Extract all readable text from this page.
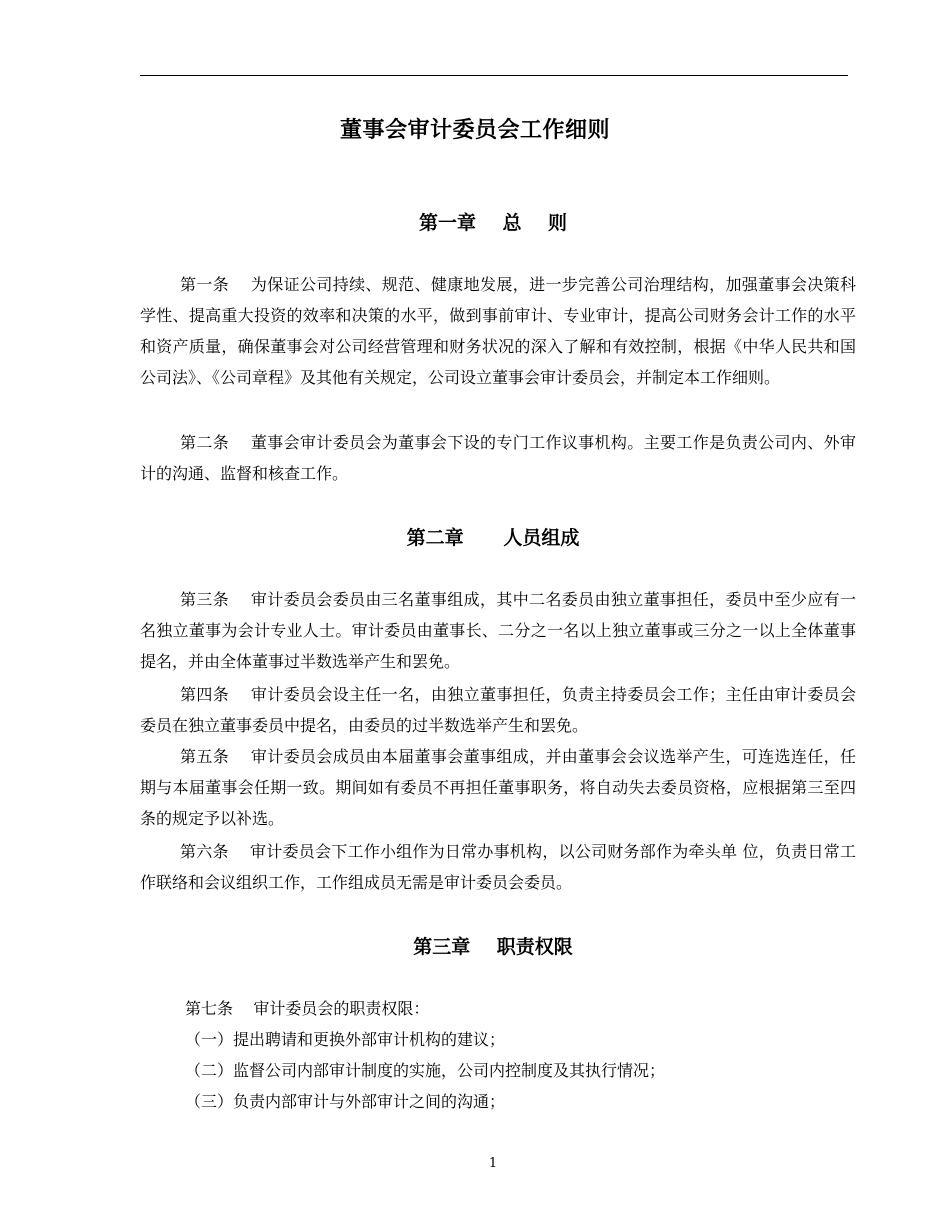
董事会审计委员会工作细则
第一章    总    则
第一条    为保证公司持续、规范、健康地发展，进一步完善公司治理结构，加强董事会决策科学性、提高重大投资的效率和决策的水平，做到事前审计、专业审计，提高公司财务会计工作的水平和资产质量，确保董事会对公司经营管理和财务状况的深入了解和有效控制，根据《中华人民共和国公司法》、《公司章程》及其他有关规定，公司设立董事会审计委员会，并制定本工作细则。
第二条    董事会审计委员会为董事会下设的专门工作议事机构。主要工作是负责公司内、外审计的沟通、监督和核查工作。
第二章      人员组成
第三条    审计委员会委员由三名董事组成，其中二名委员由独立董事担任，委员中至少应有一名独立董事为会计专业人士。审计委员由董事长、二分之一名以上独立董事或三分之一以上全体董事提名，并由全体董事过半数选举产生和罢免。
第四条    审计委员会设主任一名，由独立董事担任，负责主持委员会工作；主任由审计委员会委员在独立董事委员中提名，由委员的过半数选举产生和罢免。
第五条    审计委员会成员由本届董事会董事组成，并由董事会会议选举产生，可连选连任，任期与本届董事会任期一致。期间如有委员不再担任董事职务，将自动失去委员资格，应根据第三至四条的规定予以补选。
第六条    审计委员会下工作小组作为日常办事机构，以公司财务部作为牵头单 位，负责日常工作联络和会议组织工作，工作组成员无需是审计委员会委员。
第三章    职责权限
第七条    审计委员会的职责权限：
（一）提出聘请和更换外部审计机构的建议；
（二）监督公司内部审计制度的实施，公司内控制度及其执行情况；
（三）负责内部审计与外部审计之间的沟通；
1
